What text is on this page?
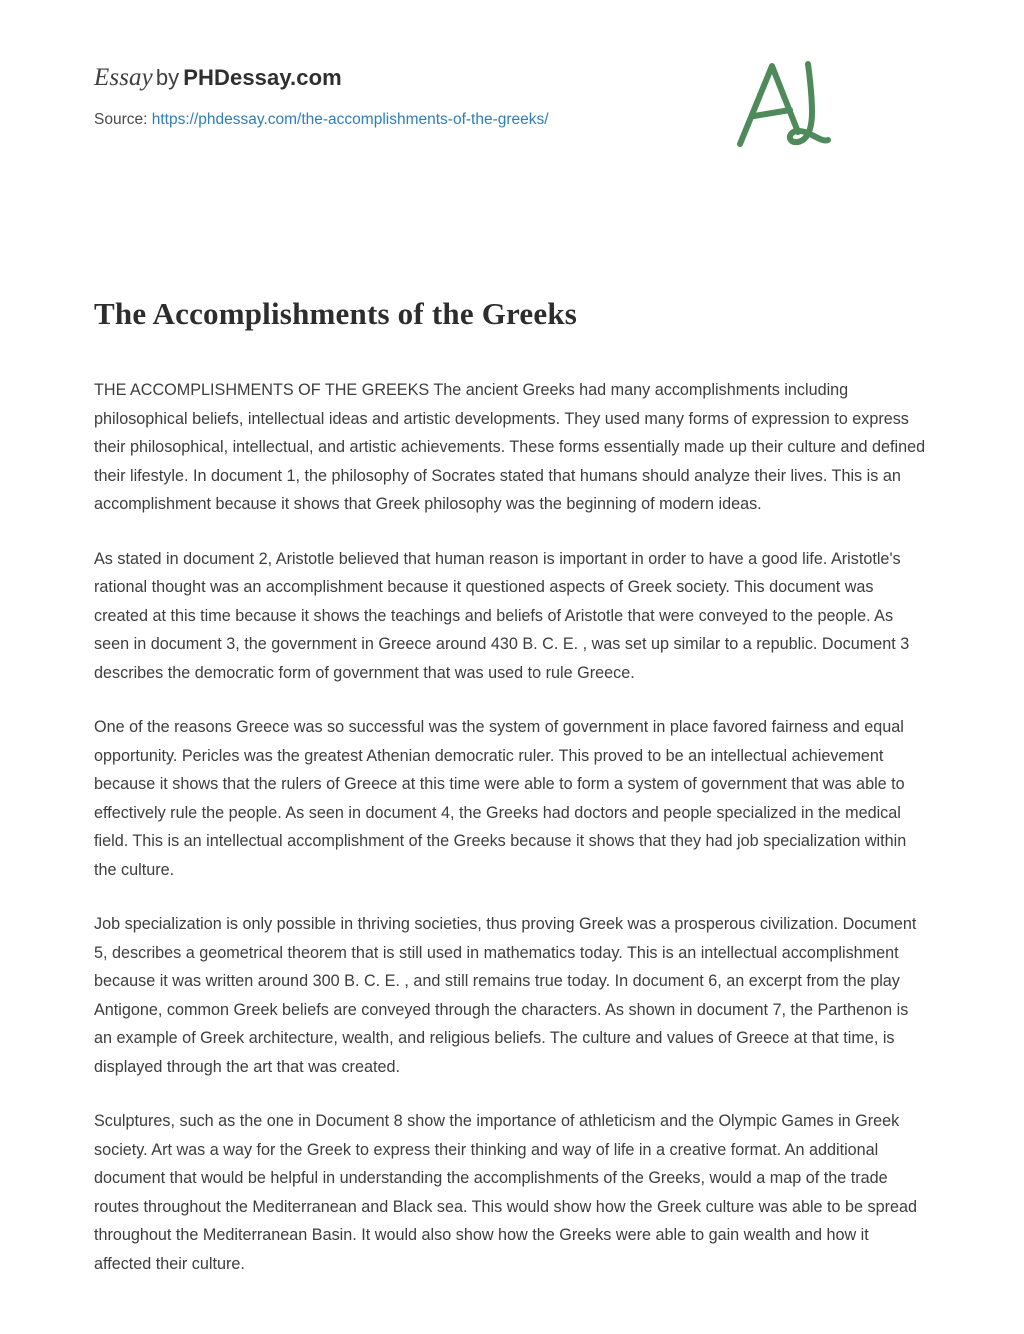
Essay by PHDessay.com
Source: https://phdessay.com/the-accomplishments-of-the-greeks/
The Accomplishments of the Greeks

THE ACCOMPLISHMENTS OF THE GREEKS The ancient Greeks had many accomplishments including philosophical beliefs, intellectual ideas and artistic developments. They used many forms of expression to express their philosophical, intellectual, and artistic achievements. These forms essentially made up their culture and defined their lifestyle. In document 1, the philosophy of Socrates stated that humans should analyze their lives. This is an accomplishment because it shows that Greek philosophy was the beginning of modern ideas.

As stated in document 2, Aristotle believed that human reason is important in order to have a good life. Aristotle's rational thought was an accomplishment because it questioned aspects of Greek society. This document was created at this time because it shows the teachings and beliefs of Aristotle that were conveyed to the people. As seen in document 3, the government in Greece around 430 B. C. E. , was set up similar to a republic. Document 3 describes the democratic form of government that was used to rule Greece.

One of the reasons Greece was so successful was the system of government in place favored fairness and equal opportunity. Pericles was the greatest Athenian democratic ruler. This proved to be an intellectual achievement because it shows that the rulers of Greece at this time were able to form a system of government that was able to effectively rule the people. As seen in document 4, the Greeks had doctors and people specialized in the medical field. This is an intellectual accomplishment of the Greeks because it shows that they had job specialization within the culture.

Job specialization is only possible in thriving societies, thus proving Greek was a prosperous civilization. Document 5, describes a geometrical theorem that is still used in mathematics today. This is an intellectual accomplishment because it was written around 300 B. C. E. , and still remains true today. In document 6, an excerpt from the play Antigone, common Greek beliefs are conveyed through the characters. As shown in document 7, the Parthenon is an example of Greek architecture, wealth, and religious beliefs. The culture and values of Greece at that time, is displayed through the art that was created.

Sculptures, such as the one in Document 8 show the importance of athleticism and the Olympic Games in Greek society. Art was a way for the Greek to express their thinking and way of life in a creative format. An additional document that would be helpful in understanding the accomplishments of the Greeks, would a map of the trade routes throughout the Mediterranean and Black sea. This would show how the Greek culture was able to be spread throughout the Mediterranean Basin. It would also show how the Greeks were able to gain wealth and how it affected their culture.
